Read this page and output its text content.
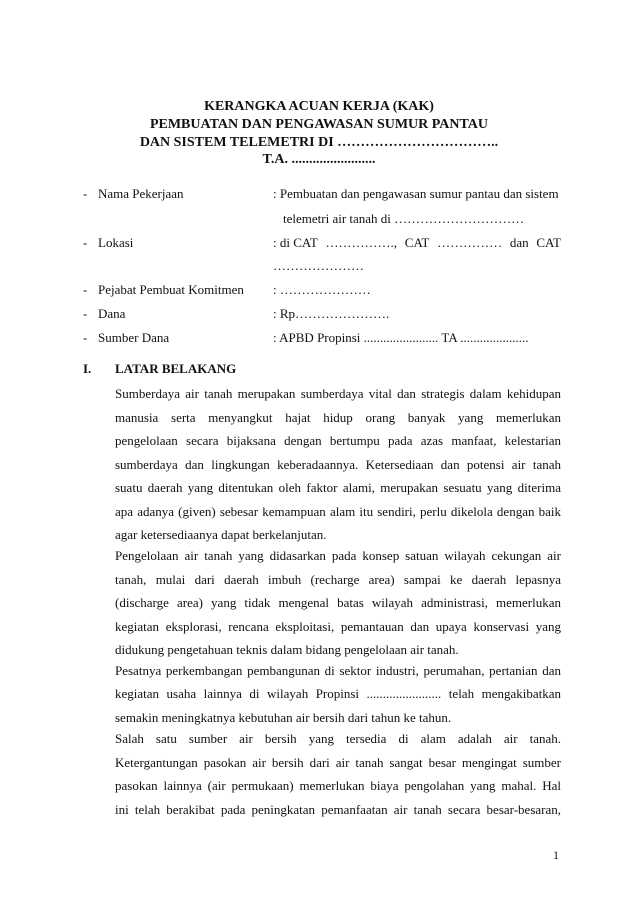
KERANGKA ACUAN KERJA (KAK)
PEMBUATAN DAN PENGAWASAN SUMUR PANTAU
DAN SISTEM TELEMETRI DI ……………………………..
T.A. ........................
- Nama Pekerjaan	: Pembuatan dan pengawasan sumur pantau dan sistem
telemetri air tanah di …………………………
- Lokasi	: di CAT ……………., CAT …………… dan CAT
…………………
- Pejabat Pembuat Komitmen : …………………
- Dana	: Rp………………….
- Sumber Dana	: APBD Propinsi ....................... TA .....................
I. LATAR BELAKANG
Sumberdaya air tanah merupakan sumberdaya vital dan strategis dalam kehidupan
manusia serta menyangkut hajat hidup orang banyak yang memerlukan
pengelolaan secara bijaksana dengan bertumpu pada azas manfaat, kelestarian
sumberdaya dan lingkungan keberadaannya. Ketersediaan dan potensi air tanah
suatu daerah yang ditentukan oleh faktor alami, merupakan sesuatu yang diterima
apa adanya (given) sebesar kemampuan alam itu sendiri, perlu dikelola dengan baik
agar ketersediaanya dapat berkelanjutan.
Pengelolaan air tanah yang didasarkan pada konsep satuan wilayah cekungan air
tanah, mulai dari daerah imbuh (recharge area) sampai ke daerah lepasnya
(discharge area) yang tidak mengenal batas wilayah administrasi, memerlukan
kegiatan eksplorasi, rencana eksploitasi, pemantauan dan upaya konservasi yang
didukung pengetahuan teknis dalam bidang pengelolaan air tanah.
Pesatnya perkembangan pembangunan di sektor industri, perumahan, pertanian dan
kegiatan usaha lainnya di wilayah Propinsi ....................... telah mengakibatkan
semakin meningkatnya kebutuhan air bersih dari tahun ke tahun.
Salah satu sumber air bersih yang tersedia di alam adalah air tanah.
Ketergantungan pasokan air bersih dari air tanah sangat besar mengingat sumber
pasokan lainnya (air permukaan) memerlukan biaya pengolahan yang mahal. Hal
ini telah berakibat pada peningkatan pemanfaatan air tanah secara besar-besaran,
1
